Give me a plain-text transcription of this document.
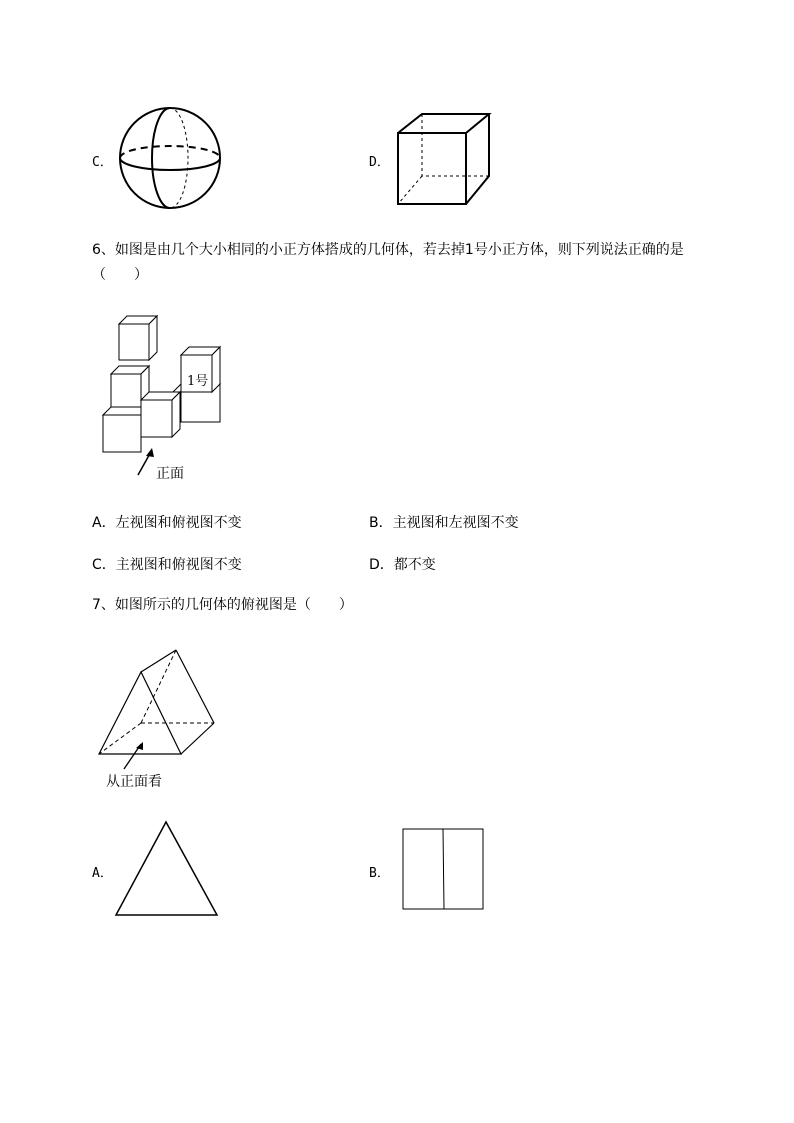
C．	D．
6、如图是由几个大小相同的小正方体搭成的几何体，若去掉1号小正方体，则下列说法正确的是
（　　）
1号
正面
A．左视图和俯视图不变	B．主视图和左视图不变
C．主视图和俯视图不变	D．都不变
7、如图所示的几何体的俯视图是（　　）
从正面看
A．	B．
